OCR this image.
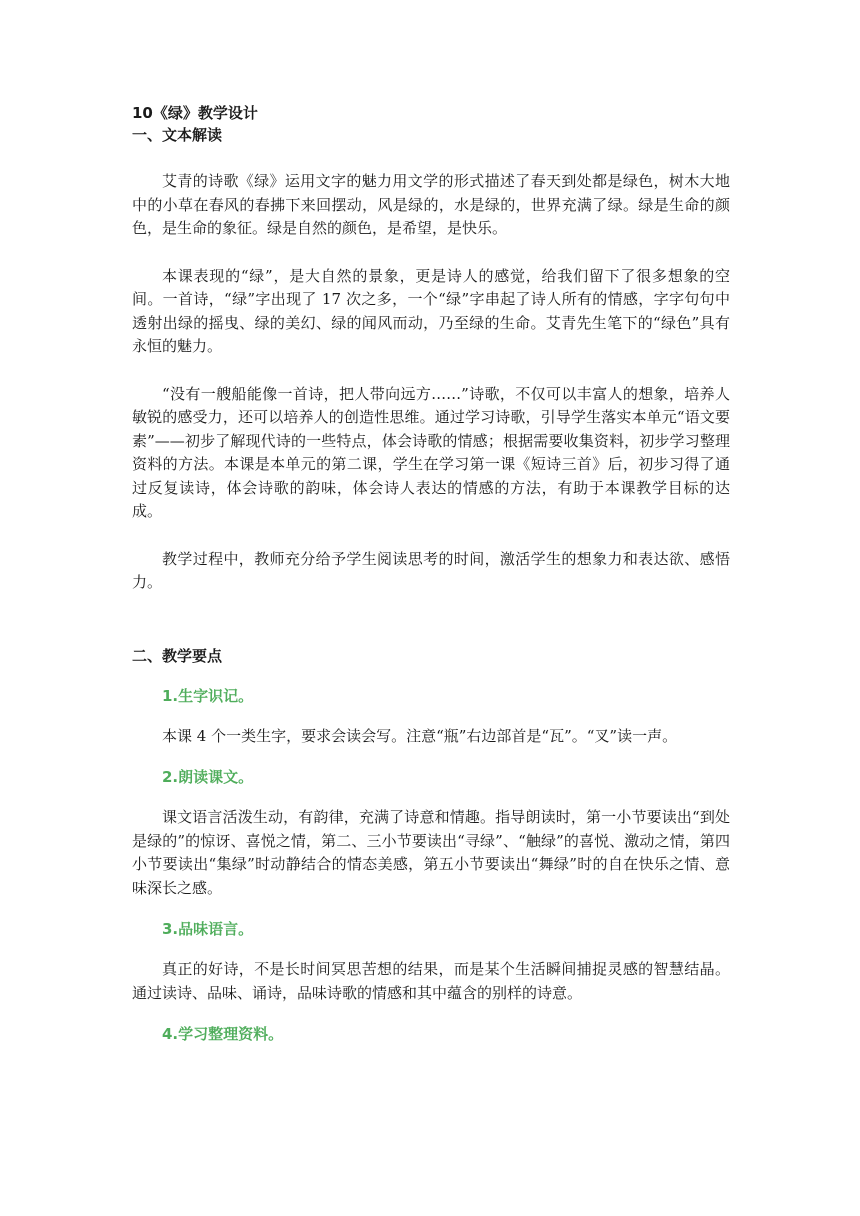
10《绿》教学设计

一、文本解读

艾青的诗歌《绿》运用文字的魅力用文学的形式描述了春天到处都是绿色，树木大地中的小草在春风的春拂下来回摆动，风是绿的，水是绿的，世界充满了绿。绿是生命的颜色，是生命的象征。绿是自然的颜色，是希望，是快乐。

本课表现的“绿”，是大自然的景象，更是诗人的感觉，给我们留下了很多想象的空间。一首诗，“绿”字出现了 17 次之多，一个“绿”字串起了诗人所有的情感，字字句句中透射出绿的摇曳、绿的美幻、绿的闻风而动，乃至绿的生命。艾青先生笔下的“绿色”具有永恒的魅力。

“没有一艘船能像一首诗，把人带向远方……”诗歌，不仅可以丰富人的想象，培养人敏锐的感受力，还可以培养人的创造性思维。通过学习诗歌，引导学生落实本单元“语文要素”——初步了解现代诗的一些特点，体会诗歌的情感；根据需要收集资料，初步学习整理资料的方法。本课是本单元的第二课，学生在学习第一课《短诗三首》后，初步习得了通过反复读诗，体会诗歌的韵味，体会诗人表达的情感的方法，有助于本课教学目标的达成。

教学过程中，教师充分给予学生阅读思考的时间，激活学生的想象力和表达欲、感悟力。

二、教学要点

1.生字识记。

本课 4 个一类生字，要求会读会写。注意“瓶”右边部首是“瓦”。“叉”读一声。

2.朗读课文。

课文语言活泼生动，有韵律，充满了诗意和情趣。指导朗读时，第一小节要读出“到处是绿的”的惊讶、喜悦之情，第二、三小节要读出“寻绿”、“触绿”的喜悦、激动之情，第四小节要读出“集绿”时动静结合的情态美感，第五小节要读出“舞绿”时的自在快乐之情、意味深长之感。

3.品味语言。

真正的好诗，不是长时间冥思苦想的结果，而是某个生活瞬间捕捉灵感的智慧结晶。通过读诗、品味、诵诗，品味诗歌的情感和其中蕴含的别样的诗意。

4.学习整理资料。
